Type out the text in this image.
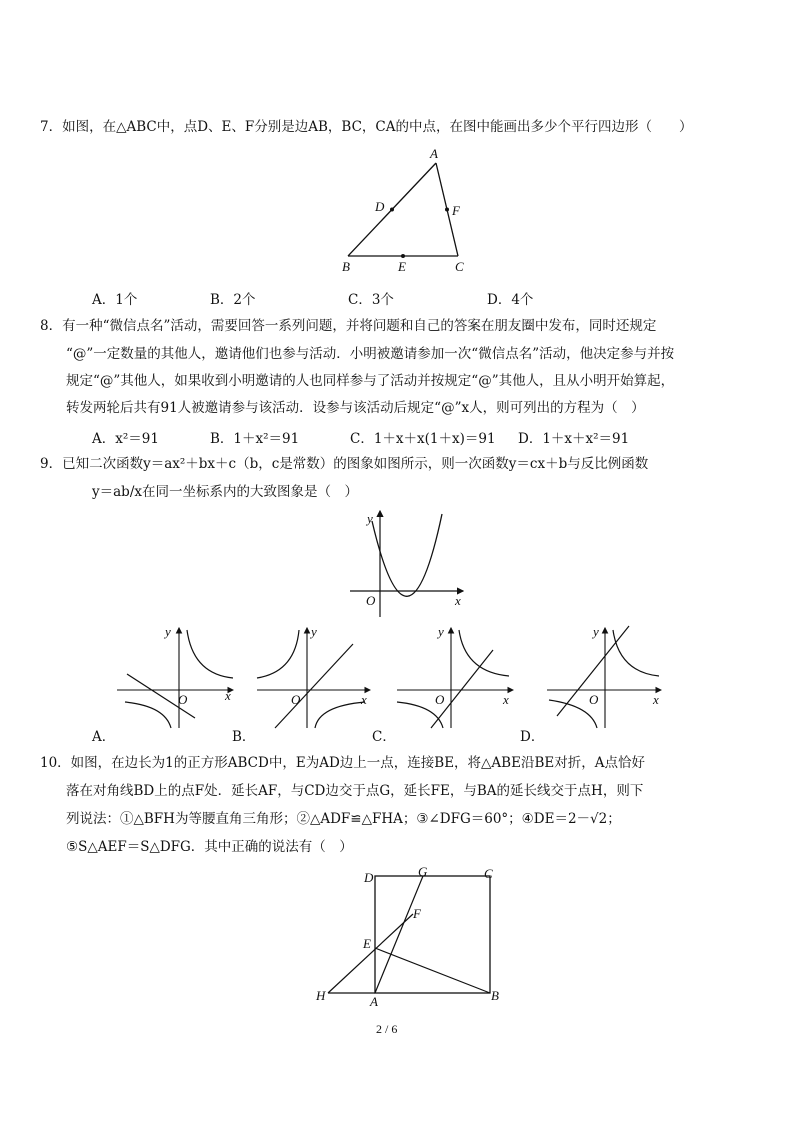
7．如图，在△ABC中，点D、E、F分别是边AB，BC，CA的中点，在图中能画出多少个平行四边形（　　）
A
B	C
D
E
F
A．1个	B．2个	C．3个	D．4个
8．有一种“微信点名”活动，需要回答一系列问题，并将问题和自己的答案在朋友圈中发布，同时还规定
“@”一定数量的其他人，邀请他们也参与活动．小明被邀请参加一次“微信点名”活动，他决定参与并按
规定“@”其他人，如果收到小明邀请的人也同样参与了活动并按规定“@”其他人，且从小明开始算起，
转发两轮后共有91人被邀请参与该活动．设参与该活动后规定“@”x人，则可列出的方程为（　）
A．x²＝91	B．1＋x²＝91	C．1＋x＋x(1＋x)＝91 D．1＋x＋x²＝91
9．已知二次函数y＝ax²＋bx＋c（b，c是常数）的图象如图所示，则一次函数y＝cx＋b与反比例函数
y＝ab/x在同一坐标系内的大致图象是（　）
y
x
O
y
x
O
A．
y
x
O
B．
y
x
O
C．
y
x
O
D．
10．如图，在边长为1的正方形ABCD中，E为AD边上一点，连接BE，将△ABE沿BE对折，A点恰好
落在对角线BD上的点F处．延长AF，与CD边交于点G，延长FE，与BA的延长线交于点H，则下
列说法：①△BFH为等腰直角三角形；②△ADF≌△FHA；③∠DFG＝60°；④DE＝2－√2；
⑤S△AEF＝S△DFG．其中正确的说法有（　）
D	G	C
F
E
H	A	B
2 / 6
